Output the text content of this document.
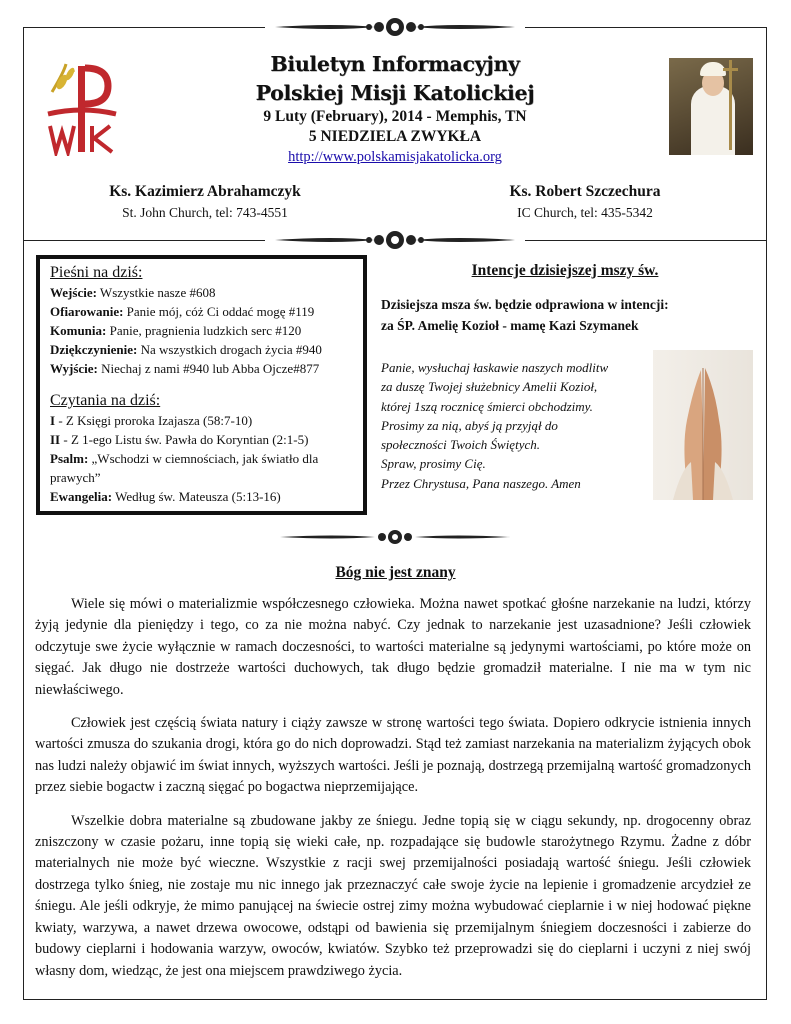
Biuletyn Informacyjny
Polskiej Misji Katolickiej
9 Luty (February), 2014 - Memphis, TN
5 NIEDZIELA ZWYKŁA
http://www.polskamisjakatolicka.org
Ks. Kazimierz Abrahamczyk
St. John Church, tel: 743-4551
Ks. Robert Szczechura
IC Church, tel: 435-5342
Pieśni na dziś:
Wejście: Wszystkie nasze #608
Ofiarowanie: Panie mój, cóż Ci oddać mogę #119
Komunia: Panie, pragnienia ludzkich serc #120
Dziękczynienie: Na wszystkich drogach życia #940
Wyjście: Niechaj z nami #940 lub Abba Ojcze#877
Czytania na dziś:
I - Z Księgi proroka Izajasza (58:7-10)
II - Z 1-ego Listu św. Pawła do Koryntian (2:1-5)
Psalm: „Wschodzi w ciemnościach, jak światło dla prawych”
Ewangelia: Według św. Mateusza (5:13-16)
Intencje dzisiejszej mszy św.
Dzisiejsza msza św. będzie odprawiona w intencji:
za ŚP. Amelię Kozioł - mamę Kazi Szymanek
Panie, wysłuchaj łaskawie naszych modlitw
za duszę Twojej służebnicy Amelii Kozioł,
której 1szą rocznicę śmierci obchodzimy.
Prosimy za nią, abyś ją przyjął do
społeczności Twoich Świętych.
Spraw, prosimy Cię.
Przez Chrystusa, Pana naszego. Amen
Bóg nie jest znany

Wiele się mówi o materializmie współczesnego człowieka. Można nawet spotkać głośne narzekanie na ludzi, którzy żyją jedynie dla pieniędzy i tego, co za nie można nabyć. Czy jednak to narzekanie jest uzasadnione? Jeśli człowiek odczytuje swe życie wyłącznie w ramach doczesności, to wartości materialne są jedynymi wartościami, po które może on sięgać. Jak długo nie dostrzeże wartości duchowych, tak długo będzie gromadził materialne. I nie ma w tym nic niewłaściwego.

Człowiek jest częścią świata natury i ciąży zawsze w stronę wartości tego świata. Dopiero odkrycie istnienia innych wartości zmusza do szukania drogi, która go do nich doprowadzi. Stąd też zamiast narzekania na materializm żyjących obok nas ludzi należy objawić im świat innych, wyższych wartości. Jeśli je poznają, dostrzegą przemijalną wartość gromadzonych przez siebie bogactw i zaczną sięgać po bogactwa nieprzemijające.

Wszelkie dobra materialne są zbudowane jakby ze śniegu. Jedne topią się w ciągu sekundy, np. drogocenny obraz zniszczony w czasie pożaru, inne topią się wieki całe, np. rozpadające się budowle starożytnego Rzymu. Żadne z dóbr materialnych nie może być wieczne. Wszystkie z racji swej przemijalności posiadają wartość śniegu. Jeśli człowiek dostrzega tylko śnieg, nie zostaje mu nic innego jak przeznaczyć całe swoje życie na lepienie i gromadzenie arcydzieł ze śniegu. Ale jeśli odkryje, że mimo panującej na świecie ostrej zimy można wybudować cieplarnie i w niej hodować piękne kwiaty, warzywa, a nawet drzewa owocowe, odstąpi od bawienia się przemijalnym śniegiem doczesności i zabierze do budowy cieplarni i hodowania warzyw, owoców, kwiatów. Szybko też przeprowadzi się do cieplarni i uczyni z niej swój własny dom, wiedząc, że jest ona miejscem prawdziwego życia.
